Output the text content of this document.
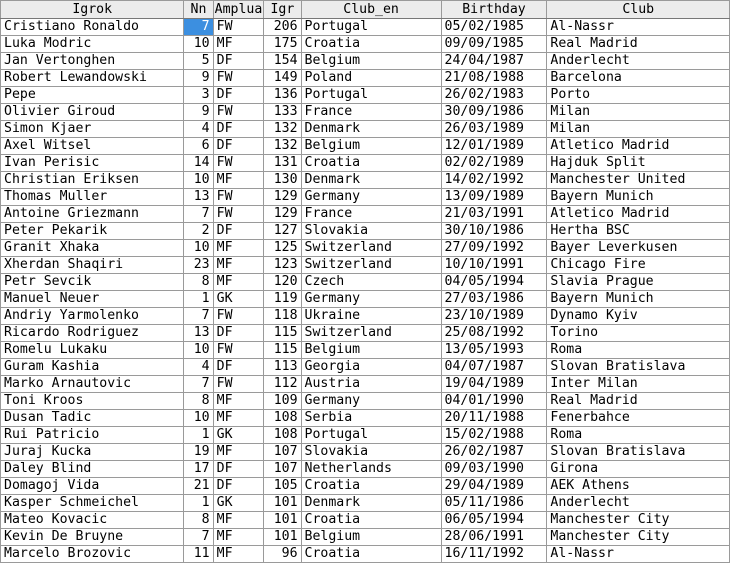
Igrok	Nn	Amplua	Igr	Club_en	Birthday	Club
Cristiano Ronaldo	7	FW	206	Portugal	05/02/1985	Al-Nassr
Luka Modric	10	MF	175	Croatia	09/09/1985	Real Madrid
Jan Vertonghen	5	DF	154	Belgium	24/04/1987	Anderlecht
Robert Lewandowski	9	FW	149	Poland	21/08/1988	Barcelona
Pepe	3	DF	136	Portugal	26/02/1983	Porto
Olivier Giroud	9	FW	133	France	30/09/1986	Milan
Simon Kjaer	4	DF	132	Denmark	26/03/1989	Milan
Axel Witsel	6	DF	132	Belgium	12/01/1989	Atletico Madrid
Ivan Perisic	14	FW	131	Croatia	02/02/1989	Hajduk Split
Christian Eriksen	10	MF	130	Denmark	14/02/1992	Manchester United
Thomas Muller	13	FW	129	Germany	13/09/1989	Bayern Munich
Antoine Griezmann	7	FW	129	France	21/03/1991	Atletico Madrid
Peter Pekarik	2	DF	127	Slovakia	30/10/1986	Hertha BSC
Granit Xhaka	10	MF	125	Switzerland	27/09/1992	Bayer Leverkusen
Xherdan Shaqiri	23	MF	123	Switzerland	10/10/1991	Chicago Fire
Petr Sevcik	8	MF	120	Czech	04/05/1994	Slavia Prague
Manuel Neuer	1	GK	119	Germany	27/03/1986	Bayern Munich
Andriy Yarmolenko	7	FW	118	Ukraine	23/10/1989	Dynamo Kyiv
Ricardo Rodriguez	13	DF	115	Switzerland	25/08/1992	Torino
Romelu Lukaku	10	FW	115	Belgium	13/05/1993	Roma
Guram Kashia	4	DF	113	Georgia	04/07/1987	Slovan Bratislava
Marko Arnautovic	7	FW	112	Austria	19/04/1989	Inter Milan
Toni Kroos	8	MF	109	Germany	04/01/1990	Real Madrid
Dusan Tadic	10	MF	108	Serbia	20/11/1988	Fenerbahce
Rui Patricio	1	GK	108	Portugal	15/02/1988	Roma
Juraj Kucka	19	MF	107	Slovakia	26/02/1987	Slovan Bratislava
Daley Blind	17	DF	107	Netherlands	09/03/1990	Girona
Domagoj Vida	21	DF	105	Croatia	29/04/1989	AEK Athens
Kasper Schmeichel	1	GK	101	Denmark	05/11/1986	Anderlecht
Mateo Kovacic	8	MF	101	Croatia	06/05/1994	Manchester City
Kevin De Bruyne	7	MF	101	Belgium	28/06/1991	Manchester City
Marcelo Brozovic	11	MF	96	Croatia	16/11/1992	Al-Nassr
